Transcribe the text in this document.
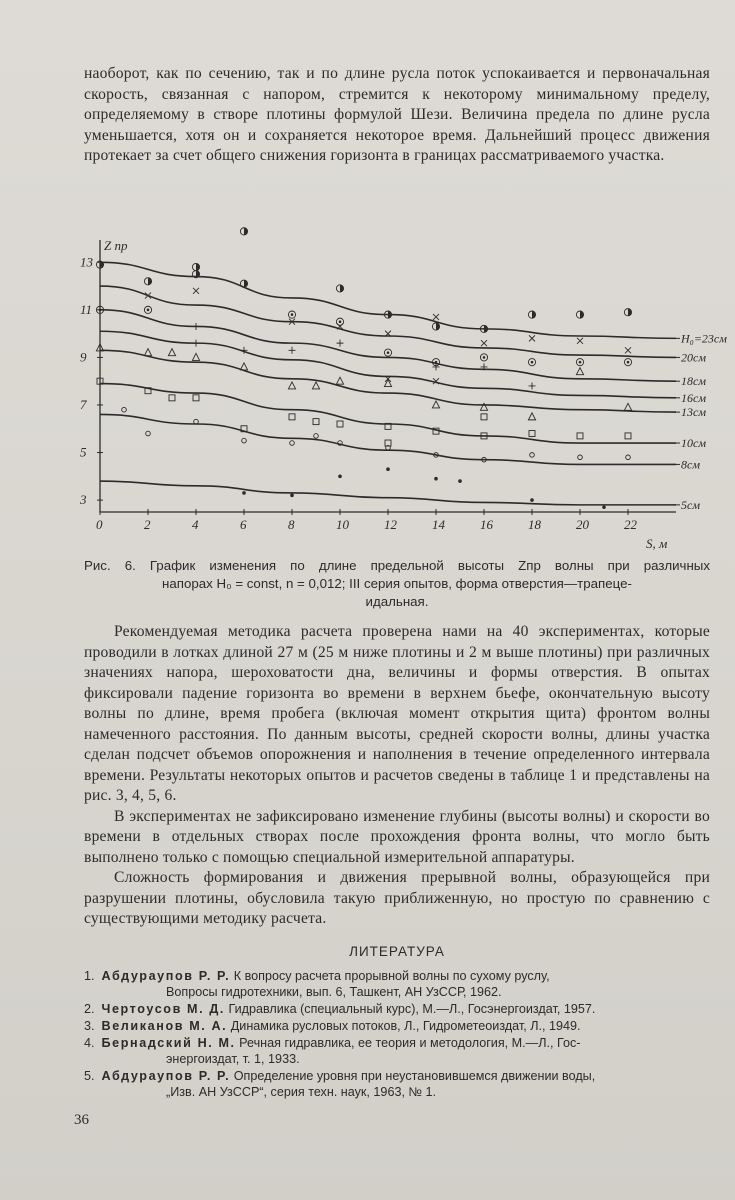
наоборот, как по сечению, так и по длине русла поток успокаивается и первоначальная скорость, связанная с напором, стремится к некоторому минимальному пределу, определяемому в створе плотины формулой Шези. Величина предела по длине русла уменьшается, хотя он и сохраняется некоторое время. Дальнейший процесс движения протекает за счет общего снижения горизонта в границах рассматриваемого участка.

3
5
7
9
11
13
0	2	4	6	8	10	12	14	16	18	20	22
Z пр
S, м
H₀=23см
20см
18см
16см
13см
10см
8см
5см
Рис. 6. График изменения по длине предельной высоты Zпр волны при различных
напорах H₀ = const, n = 0,012; III серия опытов, форма отверстия—трапеце-
идальная.

Рекомендуемая методика расчета проверена нами на 40 экспериментах, которые проводили в лотках длиной 27 м (25 м ниже плотины и 2 м выше плотины) при различных значениях напора, шероховатости дна, величины и формы отверстия. В опытах фиксировали падение горизонта во времени в верхнем бьефе, окончательную высоту волны по длине, время пробега (включая момент открытия щита) фронтом волны намеченного расстояния. По данным высоты, средней скорости волны, длины участка сделан подсчет объемов опорожнения и наполнения в течение определенного интервала времени. Результаты некоторых опытов и расчетов сведены в таблице 1 и представлены на рис. 3, 4, 5, 6.

В экспериментах не зафиксировано изменение глубины (высоты волны) и скорости во времени в отдельных створах после прохождения фронта волны, что могло быть выполнено только с помощью специальной измерительной аппаратуры.

Сложность формирования и движения прерывной волны, образующейся при разрушении плотины, обусловила такую приближенную, но простую по сравнению с существующими методику расчета.

ЛИТЕРАТУРА
1. Абдураупов Р. Р. К вопросу расчета прорывной волны по сухому руслу,
Вопросы гидротехники, вып. 6, Ташкент, АН УзССР, 1962.
2. Чертоусов М. Д. Гидравлика (специальный курс), М.—Л., Госэнергоиздат, 1957.
3. Великанов М. А. Динамика русловых потоков, Л., Гидрометеоиздат, Л., 1949.
4. Бернадский Н. М. Речная гидравлика, ее теория и методология, М.—Л., Гос-
энергоиздат, т. 1, 1933.
5. Абдураупов Р. Р. Определение уровня при неустановившемся движении воды,
„Изв. АН УзССР“, серия техн. наук, 1963, № 1.
36
